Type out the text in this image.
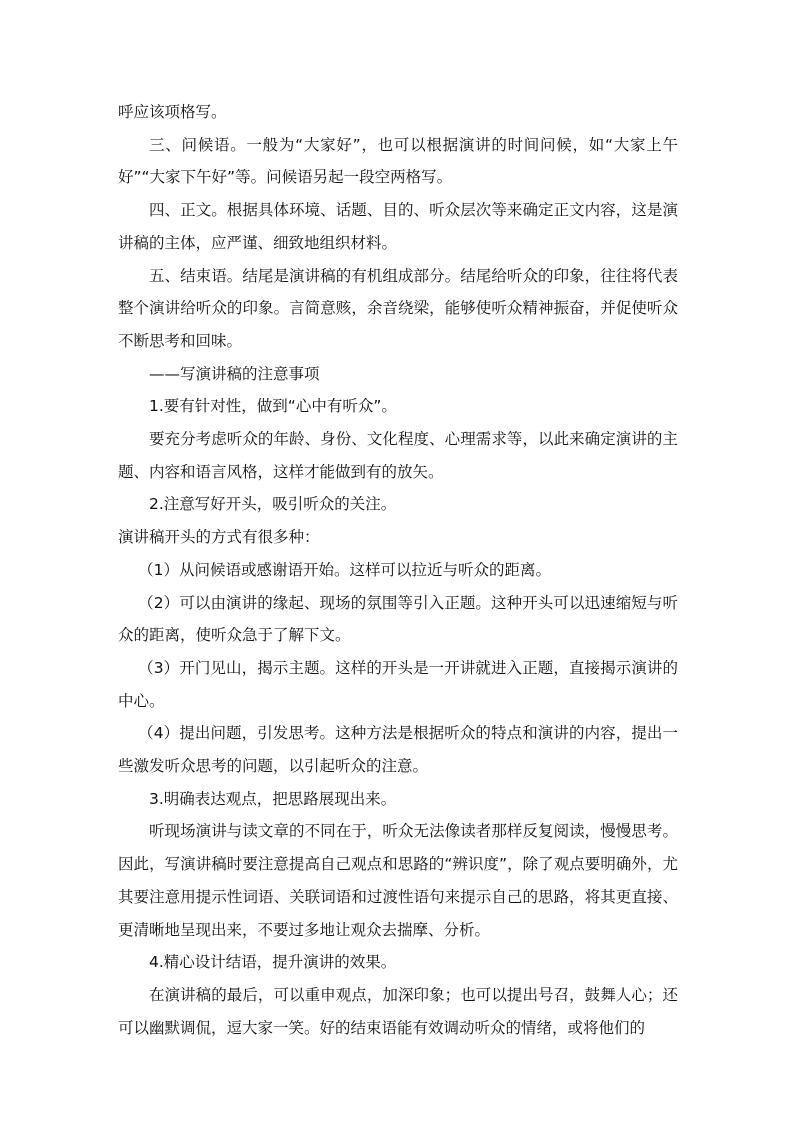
呼应该项格写。

三、问候语。一般为“大家好”，也可以根据演讲的时间问候，如“大家上午好”“大家下午好”等。问候语另起一段空两格写。

四、正文。根据具体环境、话题、目的、听众层次等来确定正文内容，这是演讲稿的主体，应严谨、细致地组织材料。

五、结束语。结尾是演讲稿的有机组成部分。结尾给听众的印象，往往将代表整个演讲给听众的印象。言简意赅，余音绕梁，能够使听众精神振奋，并促使听众不断思考和回味。

——写演讲稿的注意事项

1.要有针对性，做到“心中有听众”。

要充分考虑听众的年龄、身份、文化程度、心理需求等，以此来确定演讲的主题、内容和语言风格，这样才能做到有的放矢。

2.注意写好开头，吸引听众的关注。

演讲稿开头的方式有很多种：

（1）从问候语或感谢语开始。这样可以拉近与听众的距离。

（2）可以由演讲的缘起、现场的氛围等引入正题。这种开头可以迅速缩短与听众的距离，使听众急于了解下文。

（3）开门见山，揭示主题。这样的开头是一开讲就进入正题，直接揭示演讲的中心。

（4）提出问题，引发思考。这种方法是根据听众的特点和演讲的内容，提出一些激发听众思考的问题，以引起听众的注意。

3.明确表达观点，把思路展现出来。

听现场演讲与读文章的不同在于，听众无法像读者那样反复阅读，慢慢思考。因此，写演讲稿时要注意提高自己观点和思路的“辨识度”，除了观点要明确外，尤其要注意用提示性词语、关联词语和过渡性语句来提示自己的思路，将其更直接、更清晰地呈现出来，不要过多地让观众去揣摩、分析。

4.精心设计结语，提升演讲的效果。

在演讲稿的最后，可以重申观点，加深印象；也可以提出号召，鼓舞人心；还可以幽默调侃，逗大家一笑。好的结束语能有效调动听众的情绪，或将他们的
